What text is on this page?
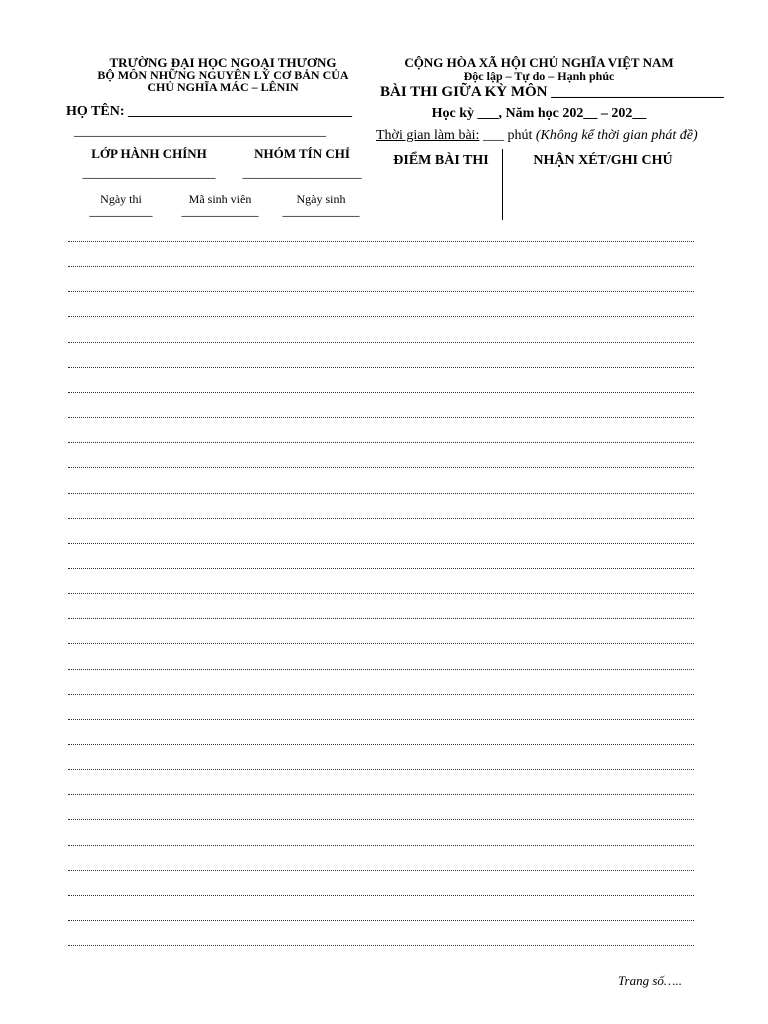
TRƯỜNG ĐẠI HỌC NGOẠI THƯƠNG
BỘ MÔN NHỮNG NGUYÊN LÝ CƠ BẢN CỦA
CHỦ NGHĨA MÁC – LÊNIN
HỌ TÊN: ________________________________
____________________________________
LỚP HÀNH CHÍNH
___________________
NHÓM TÍN CHỈ
_________________
Ngày thi
_________
Mã sinh viên
___________
Ngày sinh
___________
CỘNG HÒA XÃ HỘI CHỦ NGHĨA VIỆT NAM
Độc lập – Tự do – Hạnh phúc
BÀI THI GIỮA KỲ MÔN _______________________
Học kỳ ___, Năm học 202__ – 202__
Thời gian làm bài: ___ phút (Không kể thời gian phát đề)
ĐIỂM BÀI THI	NHẬN XÉT/GHI CHÚ
Trang số…..
